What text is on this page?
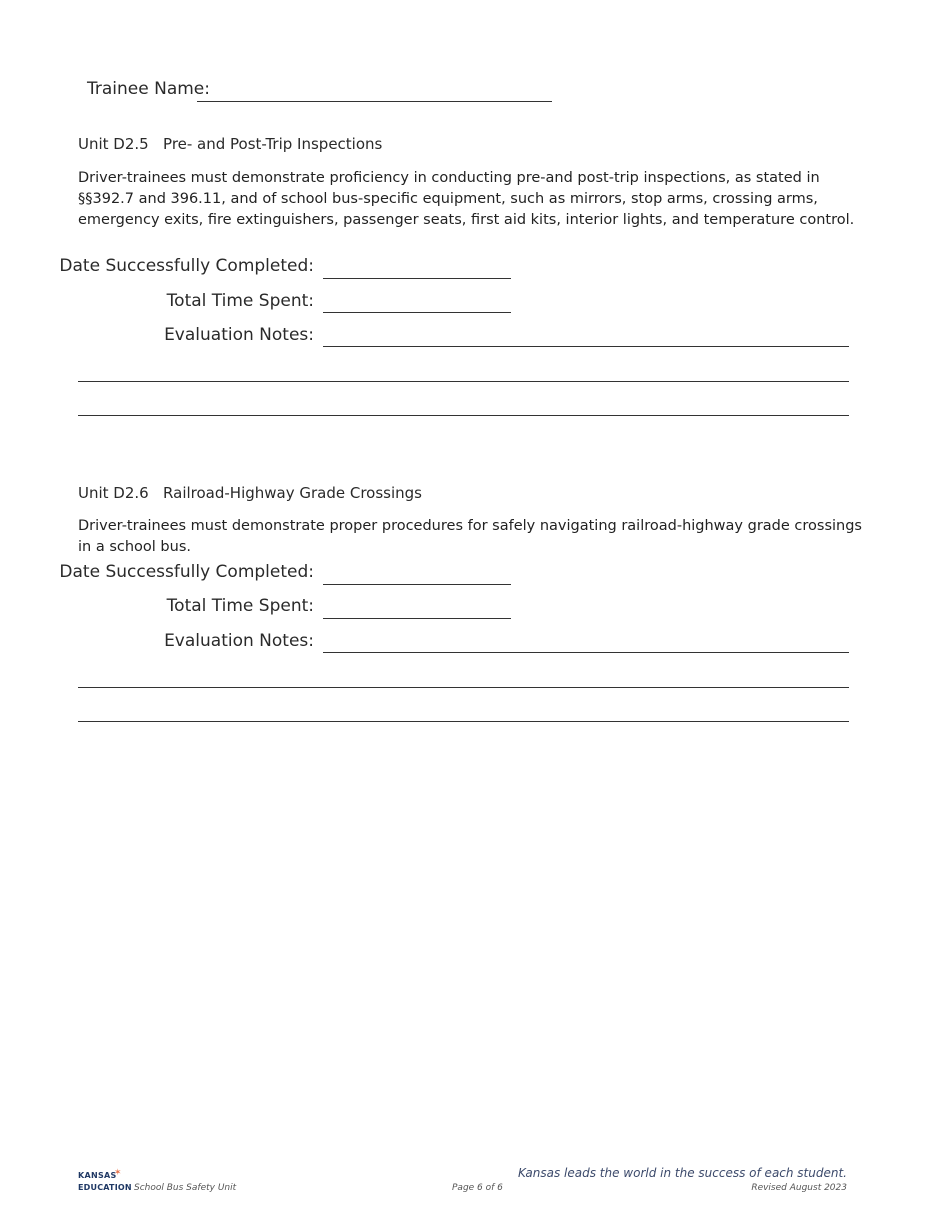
Trainee Name:
Unit D2.5 Pre- and Post-Trip Inspections
Driver-trainees must demonstrate proficiency in conducting pre-and post-trip inspections, as stated in §§392.7 and 396.11, and of school bus-specific equipment, such as mirrors, stop arms, crossing arms, emergency exits, fire extinguishers, passenger seats, first aid kits, interior lights, and temperature control.
Date Successfully Completed:
Total Time Spent:
Evaluation Notes:
Unit D2.6 Railroad-Highway Grade Crossings
Driver-trainees must demonstrate proper procedures for safely navigating railroad-highway grade crossings in a school bus.
Date Successfully Completed:
Total Time Spent:
Evaluation Notes:
KANSAS
✶
EDUCATION School Bus Safety Unit	Page 6 of 6
Kansas leads the world in the success of each student.
Revised August 2023
